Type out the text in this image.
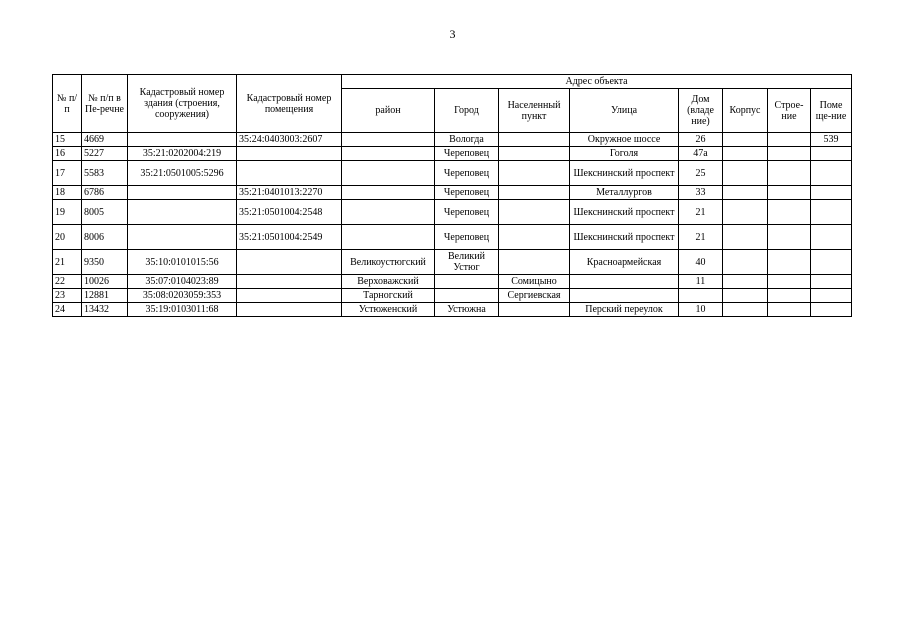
3
№ п/п	№ п/п в Пе-речне	Кадастровый номер здания (строения, сооружения)	Кадастровый номер помещения	Адрес объекта							
				район	Город	Населенный пункт	Улица	Дом (владе ние)	Корпус	Строе-ние	Поме ще-ние
15	4669		35:24:0403003:2607		Вологда		Окружное шоссе	26			539
16	5227	35:21:0202004:219			Череповец		Гоголя	47а			
17	5583	35:21:0501005:5296			Череповец		Шекснинский проспект	25			
18	6786		35:21:0401013:2270		Череповец		Металлургов	33			
19	8005		35:21:0501004:2548		Череповец		Шекснинский проспект	21			
20	8006		35:21:0501004:2549		Череповец		Шекснинский проспект	21			
21	9350	35:10:0101015:56		Великоустюгский	Великий Устюг		Красноармейская	40			
22	10026	35:07:0104023:89		Верховажский		Сомицыно		11			
23	12881	35:08:0203059:353		Тарногский		Сергиевская					
24	13432	35:19:0103011:68		Устюженский	Устюжна		Перский переулок	10			
